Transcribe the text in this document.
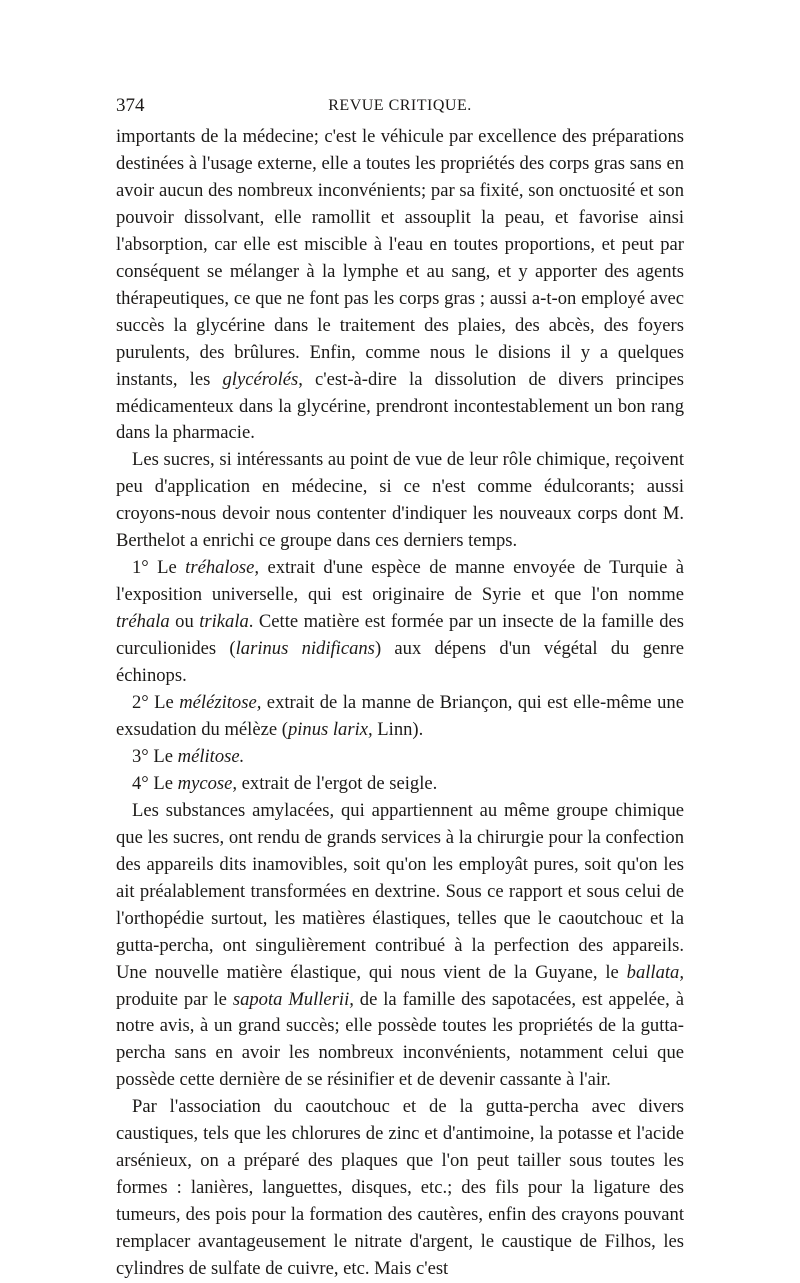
374	REVUE CRITIQUE.

importants de la médecine; c'est le véhicule par excellence des préparations destinées à l'usage externe, elle a toutes les propriétés des corps gras sans en avoir aucun des nombreux inconvénients; par sa fixité, son onctuosité et son pouvoir dissolvant, elle ramollit et assouplit la peau, et favorise ainsi l'absorption, car elle est miscible à l'eau en toutes proportions, et peut par conséquent se mélanger à la lymphe et au sang, et y apporter des agents thérapeutiques, ce que ne font pas les corps gras ; aussi a-t-on employé avec succès la glycérine dans le traitement des plaies, des abcès, des foyers purulents, des brûlures. Enfin, comme nous le disions il y a quelques instants, les glycérolés, c'est-à-dire la dissolution de divers principes médicamenteux dans la glycérine, prendront incontestablement un bon rang dans la pharmacie.

Les sucres, si intéressants au point de vue de leur rôle chimique, reçoivent peu d'application en médecine, si ce n'est comme édulcorants; aussi croyons-nous devoir nous contenter d'indiquer les nouveaux corps dont M. Berthelot a enrichi ce groupe dans ces derniers temps.

1° Le tréhalose, extrait d'une espèce de manne envoyée de Turquie à l'exposition universelle, qui est originaire de Syrie et que l'on nomme tréhala ou trikala. Cette matière est formée par un insecte de la famille des curculionides (larinus nidificans) aux dépens d'un végétal du genre échinops.

2° Le mélézitose, extrait de la manne de Briançon, qui est elle-même une exsudation du mélèze (pinus larix, Linn).

3° Le mélitose.

4° Le mycose, extrait de l'ergot de seigle.

Les substances amylacées, qui appartiennent au même groupe chimique que les sucres, ont rendu de grands services à la chirurgie pour la confection des appareils dits inamovibles, soit qu'on les employât pures, soit qu'on les ait préalablement transformées en dextrine. Sous ce rapport et sous celui de l'orthopédie surtout, les matières élastiques, telles que le caoutchouc et la gutta-percha, ont singulièrement contribué à la perfection des appareils. Une nouvelle matière élastique, qui nous vient de la Guyane, le ballata, produite par le sapota Mullerii, de la famille des sapotacées, est appelée, à notre avis, à un grand succès; elle possède toutes les propriétés de la gutta-percha sans en avoir les nombreux inconvénients, notamment celui que possède cette dernière de se résinifier et de devenir cassante à l'air.

Par l'association du caoutchouc et de la gutta-percha avec divers caustiques, tels que les chlorures de zinc et d'antimoine, la potasse et l'acide arsénieux, on a préparé des plaques que l'on peut tailler sous toutes les formes : lanières, languettes, disques, etc.; des fils pour la ligature des tumeurs, des pois pour la formation des cautères, enfin des crayons pouvant remplacer avantageusement le nitrate d'argent, le caustique de Filhos, les cylindres de sulfate de cuivre, etc. Mais c'est
